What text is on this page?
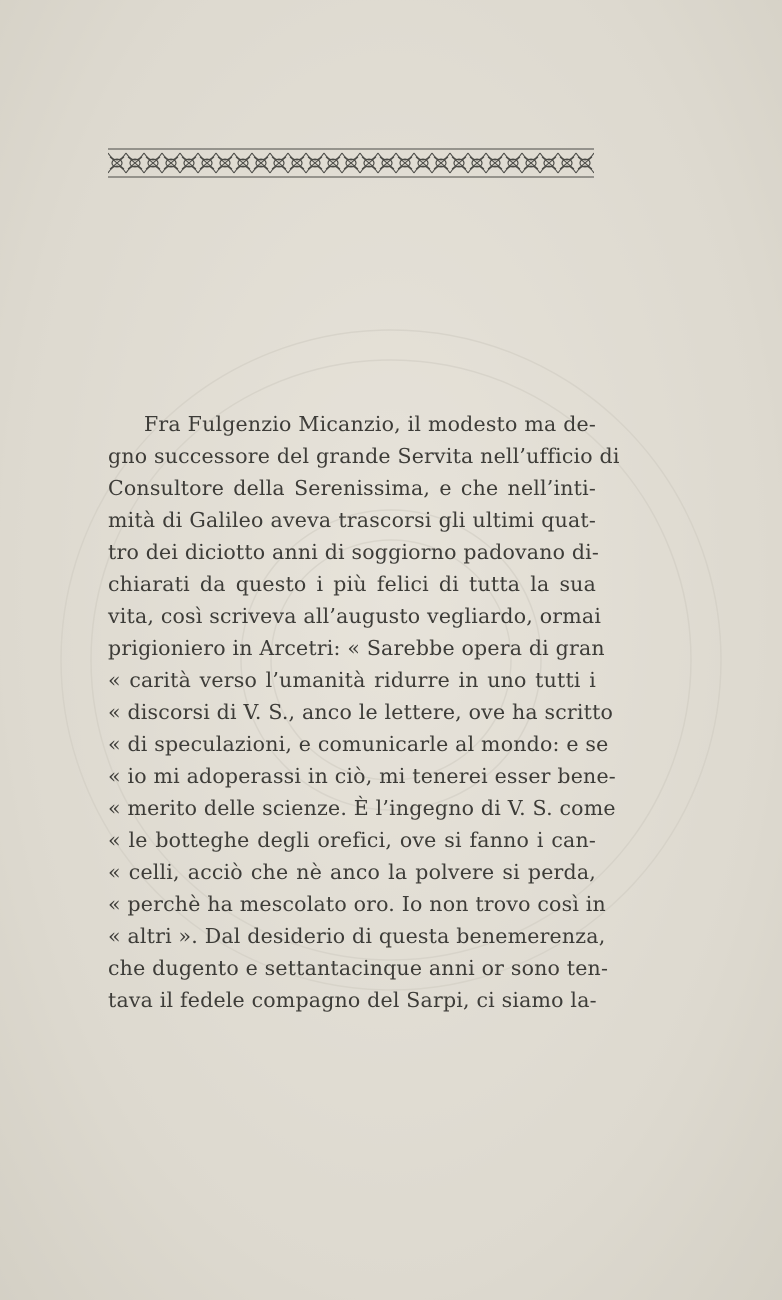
Fra Fulgenzio Micanzio, il modesto ma de-
gno successore del grande Servita nell’ufficio di
Consultore della Serenissima, e che nell’inti-
mità di Galileo aveva trascorsi gli ultimi quat-
tro dei diciotto anni di soggiorno padovano di-
chiarati da questo i più felici di tutta la sua
vita, così scriveva all’augusto vegliardo, ormai
prigioniero in Arcetri: « Sarebbe opera di gran
« carità verso l’umanità ridurre in uno tutti i
« discorsi di V. S., anco le lettere, ove ha scritto
« di speculazioni, e comunicarle al mondo: e se
« io mi adoperassi in ciò, mi tenerei esser bene-
« merito delle scienze. È l’ingegno di V. S. come
« le botteghe degli orefici, ove si fanno i can-
« celli, acciò che nè anco la polvere si perda,
« perchè ha mescolato oro. Io non trovo così in
« altri ». Dal desiderio di questa benemerenza,
che dugento e settantacinque anni or sono ten-
tava il fedele compagno del Sarpi, ci siamo la-
